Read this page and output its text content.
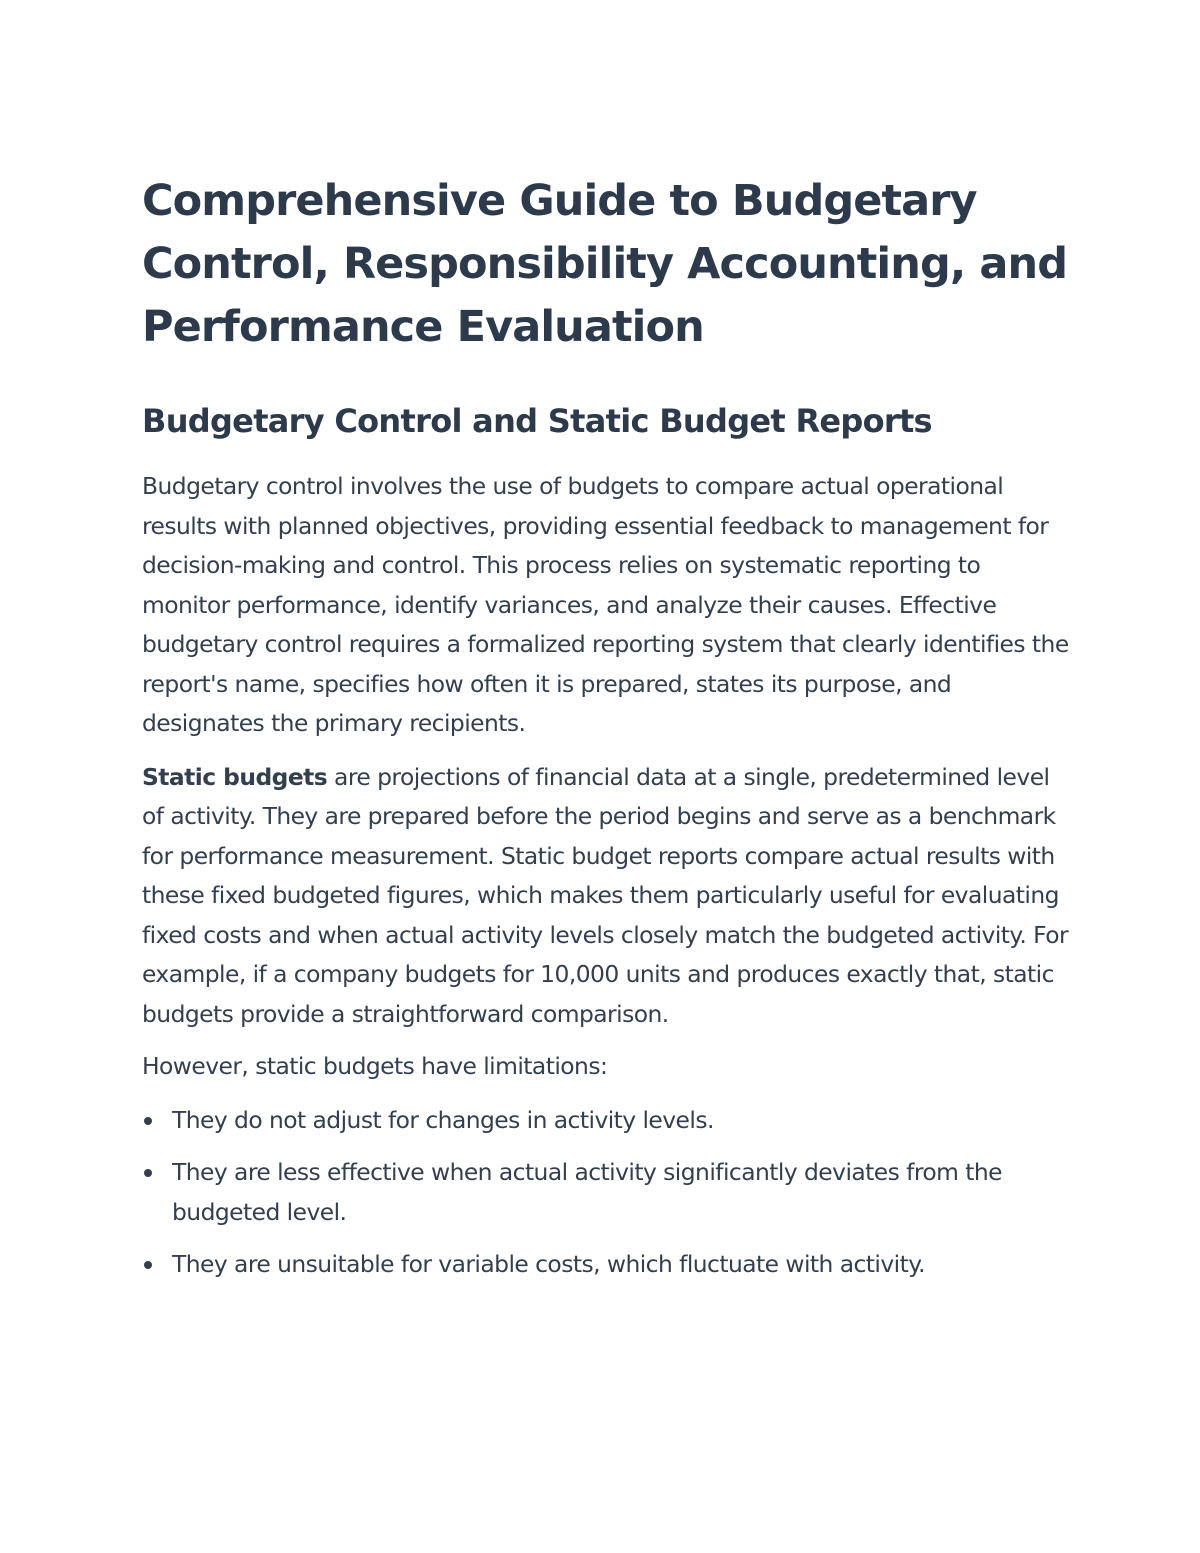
Comprehensive Guide to Budgetary Control, Responsibility Accounting, and Performance Evaluation
Budgetary Control and Static Budget Reports

Budgetary control involves the use of budgets to compare actual operational results with planned objectives, providing essential feedback to management for decision-making and control. This process relies on systematic reporting to monitor performance, identify variances, and analyze their causes. Effective budgetary control requires a formalized reporting system that clearly identifies the report's name, specifies how often it is prepared, states its purpose, and designates the primary recipients.

Static budgets are projections of financial data at a single, predetermined level of activity. They are prepared before the period begins and serve as a benchmark for performance measurement. Static budget reports compare actual results with these fixed budgeted figures, which makes them particularly useful for evaluating fixed costs and when actual activity levels closely match the budgeted activity. For example, if a company budgets for 10,000 units and produces exactly that, static budgets provide a straightforward comparison.

However, static budgets have limitations:

They do not adjust for changes in activity levels.
They are less effective when actual activity significantly deviates from the budgeted level.
They are unsuitable for variable costs, which fluctuate with activity.
